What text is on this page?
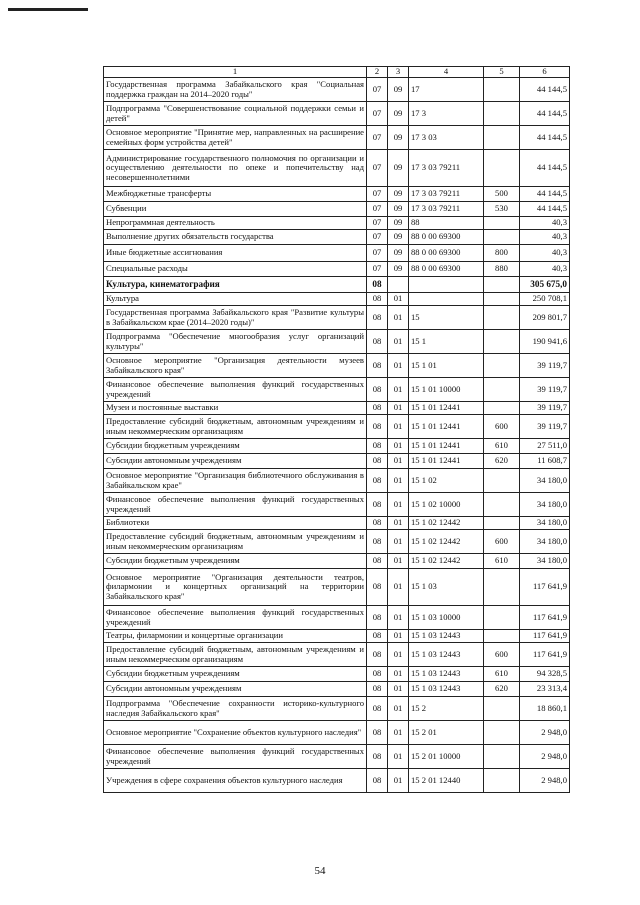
1	2	3	4	5	6
Государственная программа Забайкальского края "Социальная поддержка граждан на 2014–2020 годы"	07	09	17		44 144,5
Подпрограмма "Совершенствование социальной поддержки семьи и детей"	07	09	17 3		44 144,5
Основное мероприятие "Принятие мер, направленных на расширение семейных форм устройства детей"	07	09	17 3 03		44 144,5
Администрирование государственного полномочия по организации и осуществлению деятельности по опеке и попечительству над несовершеннолетними	07	09	17 3 03 79211		44 144,5
Межбюджетные трансферты	07	09	17 3 03 79211	500	44 144,5
Субвенции	07	09	17 3 03 79211	530	44 144,5
Непрограммная деятельность	07	09	88		40,3
Выполнение других обязательств государства	07	09	88 0 00 69300		40,3
Иные бюджетные ассигнования	07	09	88 0 00 69300	800	40,3
Специальные расходы	07	09	88 0 00 69300	880	40,3
Культура, кинематография	08				305 675,0
Культура	08	01			250 708,1
Государственная программа Забайкальского края "Развитие культуры в Забайкальском крае (2014–2020 годы)"	08	01	15		209 801,7
Подпрограмма "Обеспечение многообразия услуг организаций культуры"	08	01	15 1		190 941,6
Основное мероприятие "Организация деятельности музеев Забайкальского края"	08	01	15 1 01		39 119,7
Финансовое обеспечение выполнения функций государственных учреждений	08	01	15 1 01 10000		39 119,7
Музеи и постоянные выставки	08	01	15 1 01 12441		39 119,7
Предоставление субсидий бюджетным, автономным учреждениям и иным некоммерческим организациям	08	01	15 1 01 12441	600	39 119,7
Субсидии бюджетным учреждениям	08	01	15 1 01 12441	610	27 511,0
Субсидии автономным учреждениям	08	01	15 1 01 12441	620	11 608,7
Основное мероприятие "Организация библиотечного обслуживания в Забайкальском крае"	08	01	15 1 02		34 180,0
Финансовое обеспечение выполнения функций государственных учреждений	08	01	15 1 02 10000		34 180,0
Библиотеки	08	01	15 1 02 12442		34 180,0
Предоставление субсидий бюджетным, автономным учреждениям и иным некоммерческим организациям	08	01	15 1 02 12442	600	34 180,0
Субсидии бюджетным учреждениям	08	01	15 1 02 12442	610	34 180,0
Основное мероприятие "Организация деятельности театров, филармонии и концертных организаций на территории Забайкальского края"	08	01	15 1 03		117 641,9
Финансовое обеспечение выполнения функций государственных учреждений	08	01	15 1 03 10000		117 641,9
Театры, филармонии и концертные организации	08	01	15 1 03 12443		117 641,9
Предоставление субсидий бюджетным, автономным учреждениям и иным некоммерческим организациям	08	01	15 1 03 12443	600	117 641,9
Субсидии бюджетным учреждениям	08	01	15 1 03 12443	610	94 328,5
Субсидии автономным учреждениям	08	01	15 1 03 12443	620	23 313,4
Подпрограмма "Обеспечение сохранности историко-культурного наследия Забайкальского края"	08	01	15 2		18 860,1
Основное мероприятие "Сохранение объектов культурного наследия"	08	01	15 2 01		2 948,0
Финансовое обеспечение выполнения функций государственных учреждений	08	01	15 2 01 10000		2 948,0
Учреждения в сфере сохранения объектов культурного наследия	08	01	15 2 01 12440		2 948,0
54
